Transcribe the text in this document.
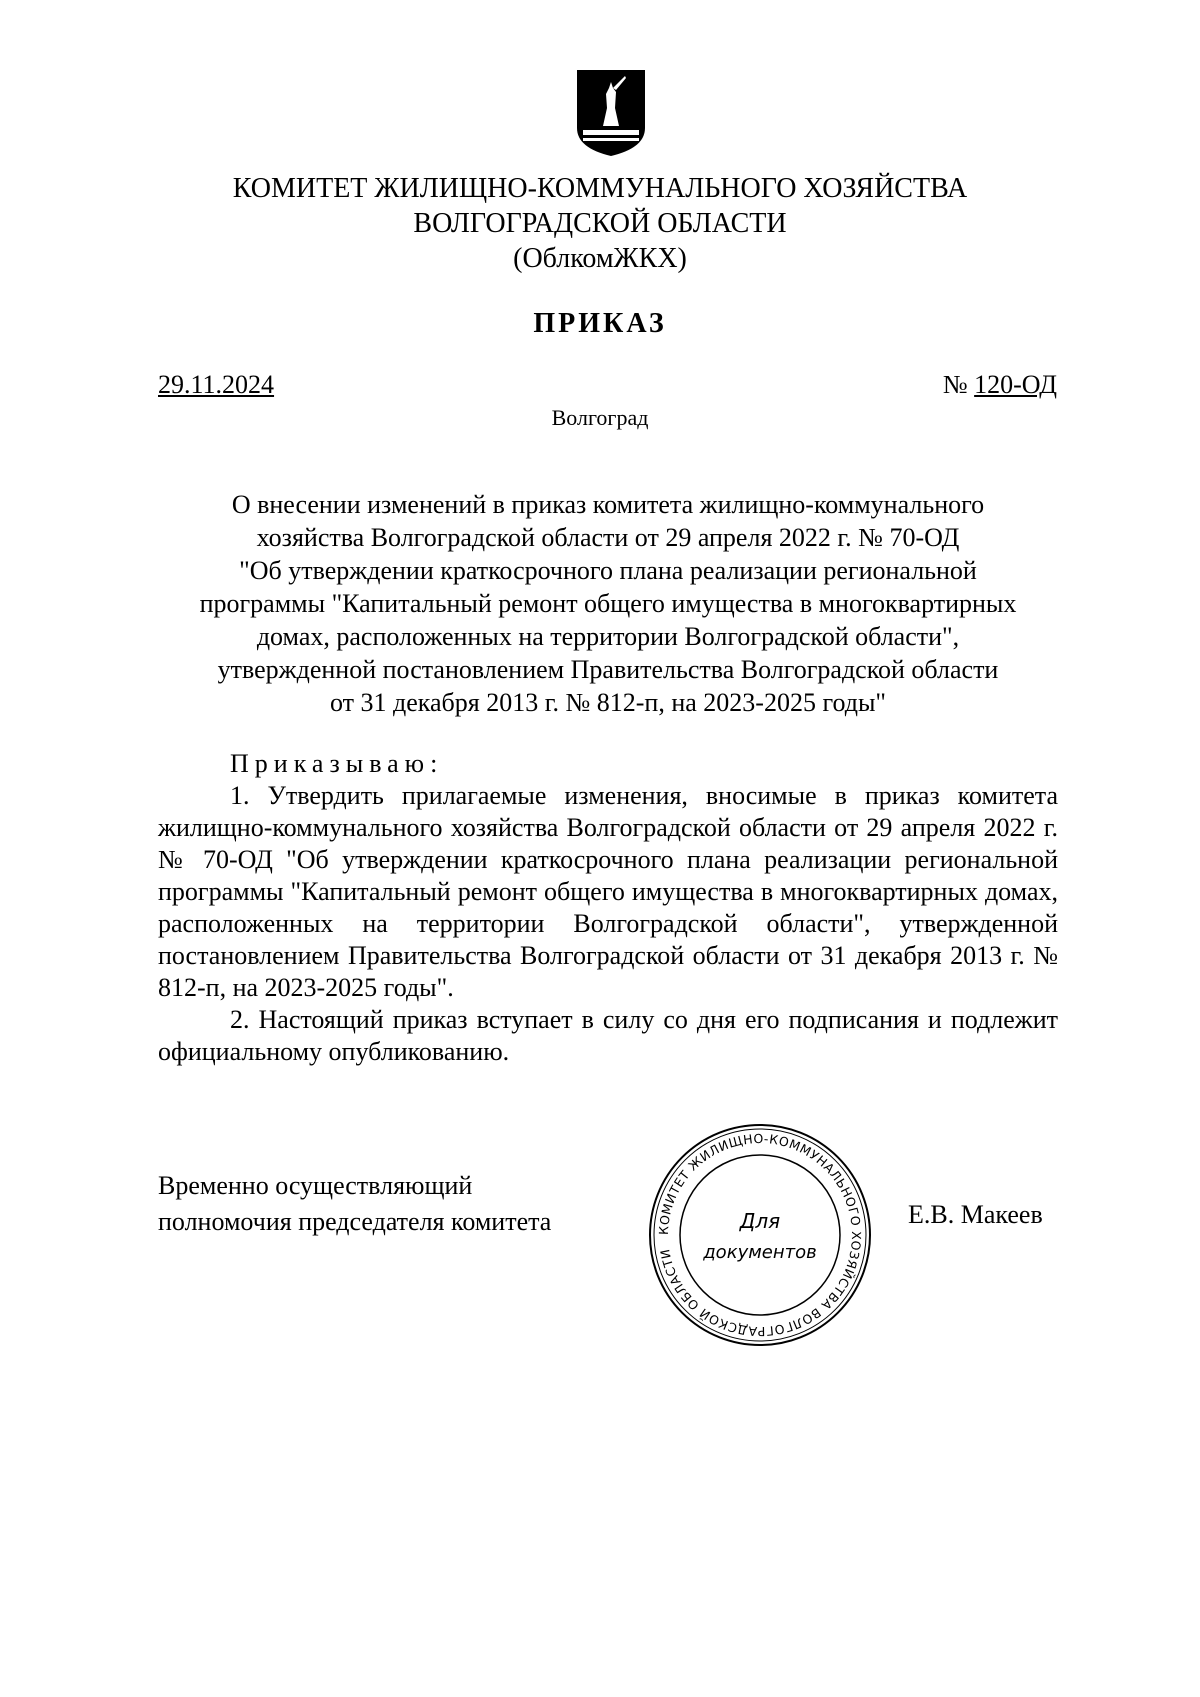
КОМИТЕТ ЖИЛИЩНО-КОММУНАЛЬНОГО ХОЗЯЙСТВА
ВОЛГОГРАДСКОЙ ОБЛАСТИ
(ОблкомЖКХ)
ПРИКАЗ
29.11.2024	№ 120-ОД
Волгоград
О внесении изменений в приказ комитета жилищно-коммунального
хозяйства Волгоградской области от 29 апреля 2022 г. № 70-ОД
"Об утверждении краткосрочного плана реализации региональной
программы "Капитальный ремонт общего имущества в многоквартирных
домах, расположенных на территории Волгоградской области",
утвержденной постановлением Правительства Волгоградской области
от 31 декабря 2013 г. № 812-п, на 2023-2025 годы"
Приказываю:

1. Утвердить прилагаемые изменения, вносимые в приказ комитета жилищно-коммунального хозяйства Волгоградской области от 29 апреля 2022 г. № 70-ОД "Об утверждении краткосрочного плана реализации региональной программы "Капитальный ремонт общего имущества в многоквартирных домах, расположенных на территории Волгоградской области", утвержденной постановлением Правительства Волгоградской области от 31 декабря 2013 г. № 812-п, на 2023-2025 годы".

2. Настоящий приказ вступает в силу со дня его подписания и подлежит официальному опубликованию.

Временно осуществляющий
полномочия председателя комитета	Е.В. Макеев
КОМИТЕТ ЖИЛИЩНО-КОММУНАЛЬНОГО ХОЗЯЙСТВА ВОЛГОГРАДСКОЙ ОБЛАСТИ
Для
документов
